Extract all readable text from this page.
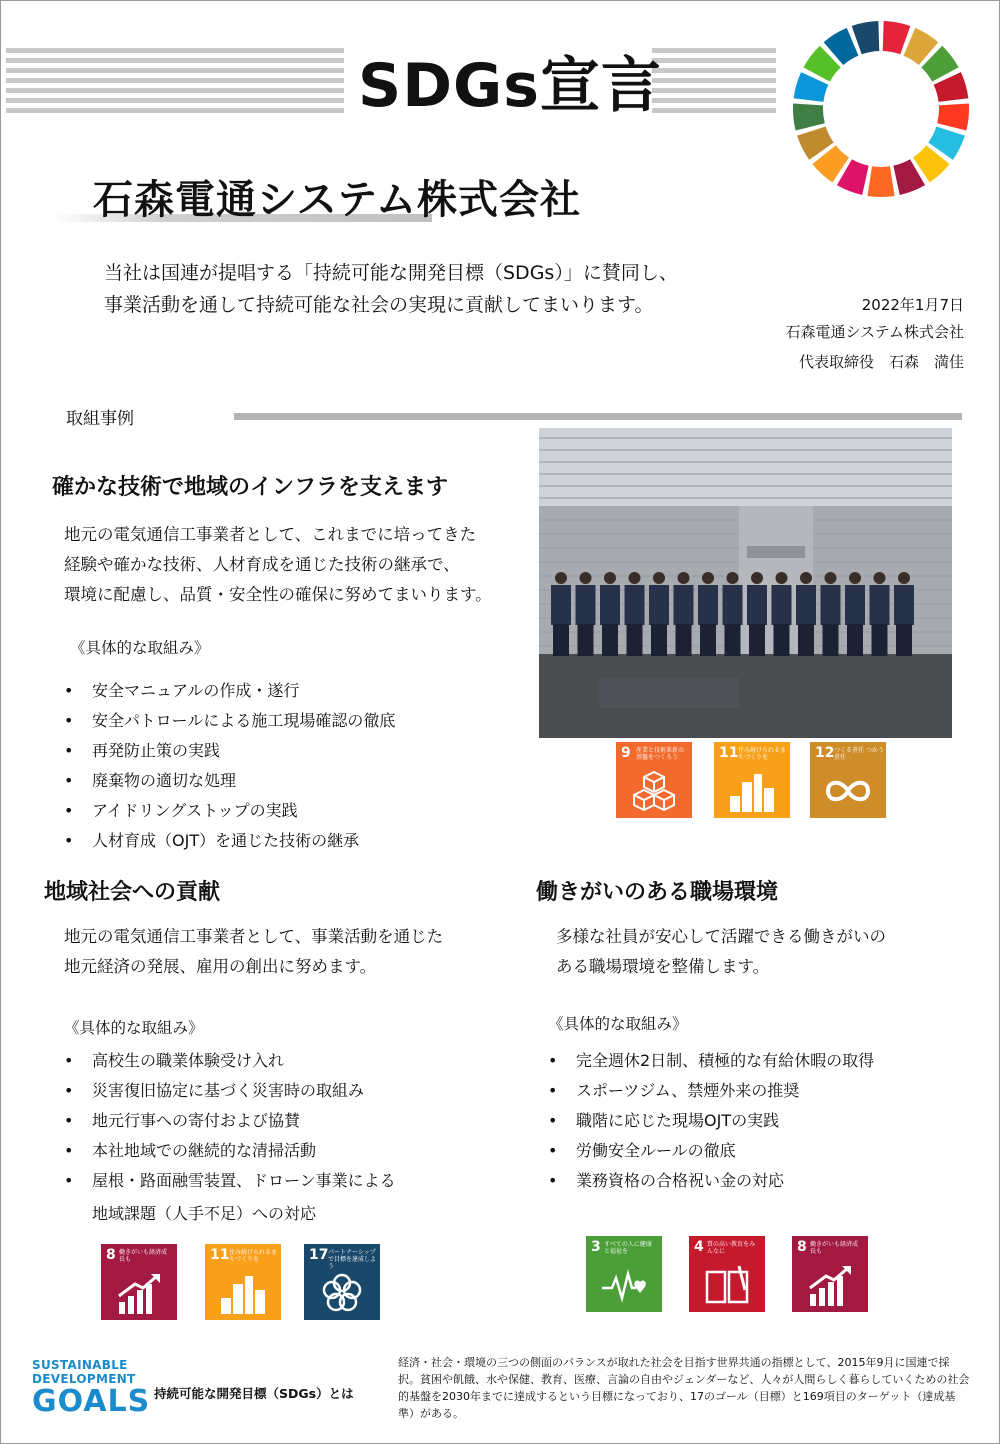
SDGs宣言
石森電通システム株式会社
当社は国連が提唱する「持続可能な開発目標（SDGs）」に賛同し、
事業活動を通して持続可能な社会の実現に貢献してまいります。	2022年1月7日
石森電通システム株式会社
代表取締役　石森　満佳
取組事例
確かな技術で地域のインフラを支えます
地元の電気通信工事業者として、これまでに培ってきた
経験や確かな技術、人材育成を通じた技術の継承で、
環境に配慮し、品質・安全性の確保に努めてまいります。
《具体的な取組み》
• 安全マニュアルの作成・遂行
• 安全パトロールによる施工現場確認の徹底
• 再発防止策の実践
• 廃棄物の適切な処理
• アイドリングストップの実践
• 人材育成（OJT）を通じた技術の継承
9 産業と技術革新の基盤をつくろう	11 住み続けられるまちづくりを	12 つくる責任 つかう責任
地域社会への貢献
地元の電気通信工事業者として、事業活動を通じた
地元経済の発展、雇用の創出に努めます。
《具体的な取組み》
• 高校生の職業体験受け入れ
• 災害復旧協定に基づく災害時の取組み
• 地元行事への寄付および協賛
• 本社地域での継続的な清掃活動
• 屋根・路面融雪装置、ドローン事業による
地域課題（人手不足）への対応
8 働きがいも経済成長も	11 住み続けられるまちづくりを	17 パートナーシップで目標を達成しよう
働きがいのある職場環境
多様な社員が安心して活躍できる働きがいの
ある職場環境を整備します。
《具体的な取組み》
• 完全週休2日制、積極的な有給休暇の取得
• スポーツジム、禁煙外来の推奨
• 職階に応じた現場OJTの実践
• 労働安全ルールの徹底
• 業務資格の合格祝い金の対応
3 すべての人に健康と福祉を	4 質の高い教育をみんなに	8 働きがいも経済成長も
SUSTAINABLE
DEVELOPMENT
GOALS 持続可能な開発目標（SDGs）とは
経済・社会・環境の三つの側面のバランスが取れた社会を目指す世界共通の指標として、2015年9月に国連で採択。貧困や飢餓、水や保健、教育、医療、言論の自由やジェンダーなど、人々が人間らしく暮らしていくための社会的基盤を2030年までに達成するという目標になっており、17のゴール（目標）と169項目のターゲット（達成基準）がある。
